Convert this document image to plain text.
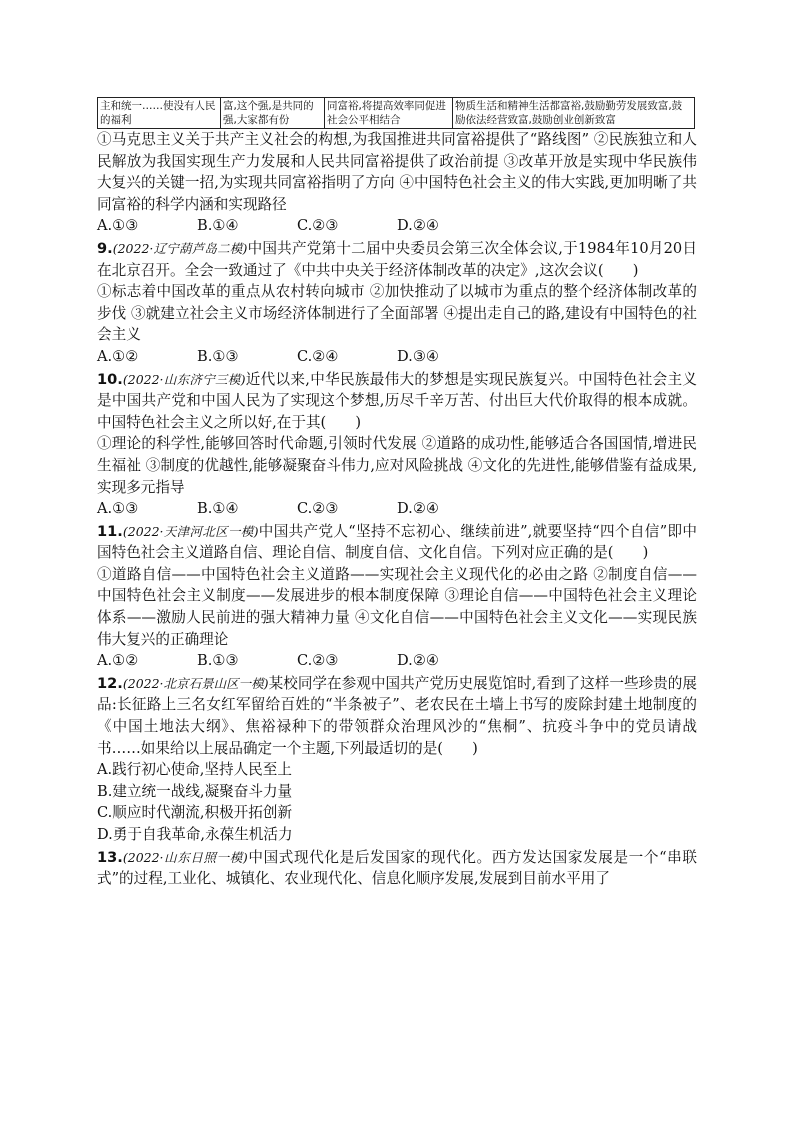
主和统一……使没有人民的福利	富,这个强,是共同的强,大家都有份	同富裕,将提高效率同促进社会公平相结合	物质生活和精神生活都富裕,鼓励勤劳发展致富,鼓励依法经营致富,鼓励创业创新致富

①马克思主义关于共产主义社会的构想,为我国推进共同富裕提供了“路线图” ②民族独立和人民解放为我国实现生产力发展和人民共同富裕提供了政治前提 ③改革开放是实现中华民族伟大复兴的关键一招,为实现共同富裕指明了方向 ④中国特色社会主义的伟大实践,更加明晰了共同富裕的科学内涵和实现路径

A.①③	B.①④	C.②③	D.②④

9.(2022·辽宁葫芦岛二模)中国共产党第十二届中央委员会第三次全体会议,于1984年10月20日在北京召开。全会一致通过了《中共中央关于经济体制改革的决定》,这次会议(　　)

①标志着中国改革的重点从农村转向城市 ②加快推动了以城市为重点的整个经济体制改革的步伐 ③就建立社会主义市场经济体制进行了全面部署 ④提出走自己的路,建设有中国特色的社会主义

A.①②	B.①③	C.②④	D.③④

10.(2022·山东济宁三模)近代以来,中华民族最伟大的梦想是实现民族复兴。中国特色社会主义是中国共产党和中国人民为了实现这个梦想,历尽千辛万苦、付出巨大代价取得的根本成就。中国特色社会主义之所以好,在于其(　　)

①理论的科学性,能够回答时代命题,引领时代发展 ②道路的成功性,能够适合各国国情,增进民生福祉 ③制度的优越性,能够凝聚奋斗伟力,应对风险挑战 ④文化的先进性,能够借鉴有益成果,实现多元指导

A.①③	B.①④	C.②③	D.②④

11.(2022·天津河北区一模)中国共产党人“坚持不忘初心、继续前进”,就要坚持“四个自信”即中国特色社会主义道路自信、理论自信、制度自信、文化自信。下列对应正确的是(　　)

①道路自信——中国特色社会主义道路——实现社会主义现代化的必由之路 ②制度自信——中国特色社会主义制度——发展进步的根本制度保障 ③理论自信——中国特色社会主义理论体系——激励人民前进的强大精神力量 ④文化自信——中国特色社会主义文化——实现民族伟大复兴的正确理论

A.①②	B.①③	C.②③	D.②④

12.(2022·北京石景山区一模)某校同学在参观中国共产党历史展览馆时,看到了这样一些珍贵的展品:长征路上三名女红军留给百姓的“半条被子”、老农民在土墙上书写的废除封建土地制度的《中国土地法大纲》、焦裕禄种下的带领群众治理风沙的“焦桐”、抗疫斗争中的党员请战书……如果给以上展品确定一个主题,下列最适切的是(　　)

A.践行初心使命,坚持人民至上

B.建立统一战线,凝聚奋斗力量

C.顺应时代潮流,积极开拓创新

D.勇于自我革命,永葆生机活力

13.(2022·山东日照一模)中国式现代化是后发国家的现代化。西方发达国家发展是一个“串联式”的过程,工业化、城镇化、农业现代化、信息化顺序发展,发展到目前水平用了
